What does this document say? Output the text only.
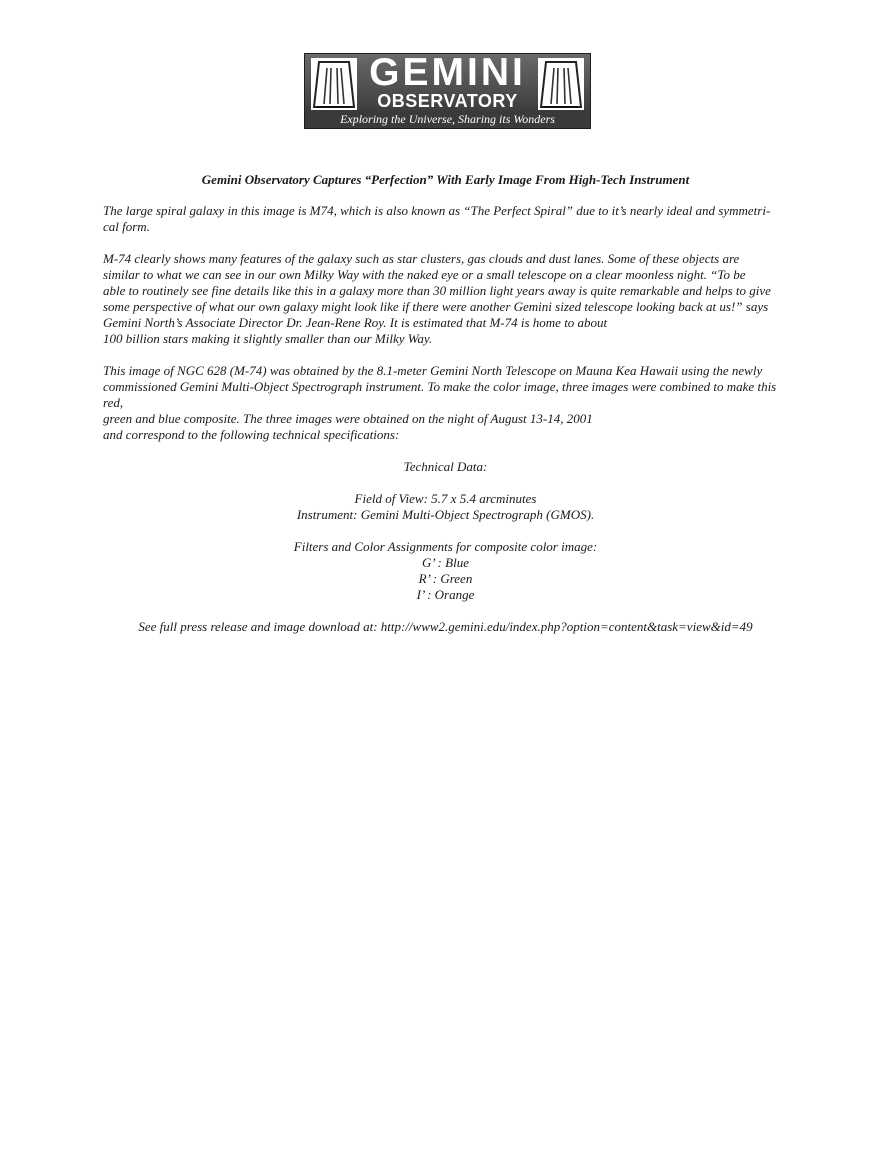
GEMINI
OBSERVATORY
Exploring the Universe, Sharing its Wonders
Gemini Observatory Captures “Perfection” With Early Image From High-Tech Instrument

The large spiral galaxy in this image is M74, which is also known as “The Perfect Spiral” due to it’s nearly ideal and symmetri-
cal form.

M-74 clearly shows many features of the galaxy such as star clusters, gas clouds and dust lanes. Some of these objects are
similar to what we can see in our own Milky Way with the naked eye or a small telescope on a clear moonless night. “To be
able to routinely see fine details like this in a galaxy more than 30 million light years away is quite remarkable and helps to give
some perspective of what our own galaxy might look like if there were another Gemini sized telescope looking back at us!” says
Gemini North’s Associate Director Dr. Jean-Rene Roy. It is estimated that M-74 is home to about
100 billion stars making it slightly smaller than our Milky Way.

This image of NGC 628 (M-74) was obtained by the 8.1-meter Gemini North Telescope on Mauna Kea Hawaii using the newly
commissioned Gemini Multi-Object Spectrograph instrument. To make the color image, three images were combined to make this
red,
green and blue composite. The three images were obtained on the night of August 13-14, 2001
and correspond to the following technical specifications:

Technical Data:
Field of View: 5.7 x 5.4 arcminutes
Instrument: Gemini Multi-Object Spectrograph (GMOS).
Filters and Color Assignments for composite color image:
G’ : Blue
R’ : Green
I’ : Orange
See full press release and image download at: http://www2.gemini.edu/index.php?option=content&task=view&id=49
